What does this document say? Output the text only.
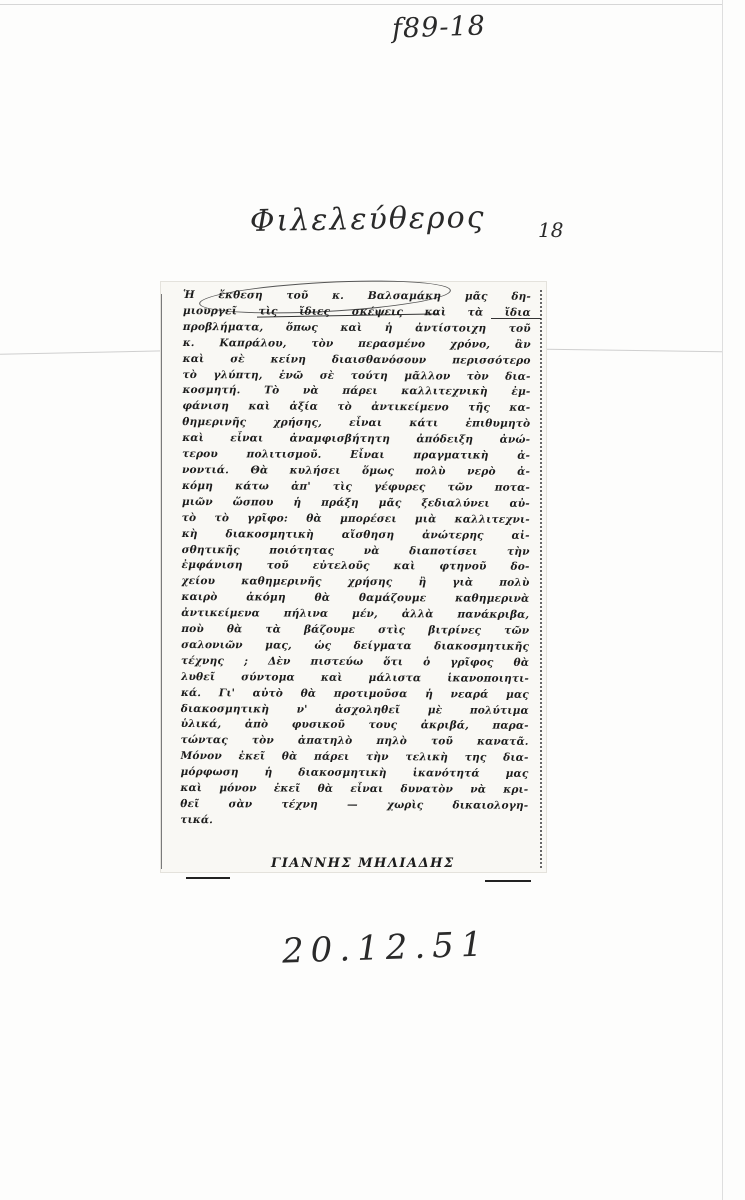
f89-18
Φιλελεύθερος	18
Ἡ ἔκθεση τοῦ κ. Βαλσαμάκη μᾶς δη-
μιουργεῖ τὶς ἴδιες σκέψεις καὶ τὰ ἴδια
προβλήματα, ὅπως καὶ ἡ ἀντίστοιχη τοῦ
κ. Καπράλου, τὸν περασμένο χρόνο, ἂν
καὶ σὲ κείνη διαισθανόσουν περισσότερο
τὸ γλύπτη, ἐνῶ σὲ τούτη μᾶλλον τὸν δια-
κοσμητή. Τὸ νὰ πάρει καλλιτεχνικὴ ἐμ-
φάνιση καὶ ἀξία τὸ ἀντικείμενο τῆς κα-
θημερινῆς χρήσης, εἶναι κάτι ἐπιθυμητὸ
καὶ εἶναι ἀναμφισβήτητη ἀπόδειξη ἀνώ-
τερου πολιτισμοῦ. Εἶναι πραγματικὴ ἀ-
νοντιά. Θὰ κυλήσει ὅμως πολὺ νερὸ ἀ-
κόμη κάτω ἀπ' τὶς γέφυρες τῶν ποτα-
μιῶν ὥσπου ἡ πράξη μᾶς ξεδιαλύνει αὐ-
τὸ τὸ γρῖφο: θὰ μπορέσει μιὰ καλλιτεχνι-
κὴ διακοσμητικὴ αἴσθηση ἀνώτερης αἰ-
σθητικῆς ποιότητας νὰ διαποτίσει τὴν
ἐμφάνιση τοῦ εὐτελοῦς καὶ φτηνοῦ δο-
χείου καθημερινῆς χρήσης ἢ γιὰ πολὺ
καιρὸ ἀκόμη θὰ θαμάζουμε καθημερινὰ
ἀντικείμενα πήλινα μέν, ἀλλὰ πανάκριβα,
ποὺ θὰ τὰ βάζουμε στὶς βιτρίνες τῶν
σαλονιῶν μας, ὡς δείγματα διακοσμητικῆς
τέχνης ; Δὲν πιστεύω ὅτι ὁ γρῖφος θὰ
λυθεῖ σύντομα καὶ μάλιστα ἱκανοποιητι-
κά. Γι' αὐτὸ θὰ προτιμοῦσα ἡ νεαρά μας
διακοσμητικὴ ν' ἀσχοληθεῖ μὲ πολύτιμα
ὑλικά, ἀπὸ φυσικοῦ τους ἀκριβά, παρα-
τώντας τὸν ἀπατηλὸ πηλὸ τοῦ κανατᾶ.
Μόνον ἐκεῖ θὰ πάρει τὴν τελικὴ της δια-
μόρφωση ἡ διακοσμητικὴ ἱκανότητά μας
καὶ μόνον ἐκεῖ θὰ εἶναι δυνατὸν νὰ κρι-
θεῖ σὰν τέχνη — χωρὶς δικαιολογη-
τικά.
ΓΙΑΝΝΗΣ ΜΗΛΙΑΔΗΣ
20.12.51
